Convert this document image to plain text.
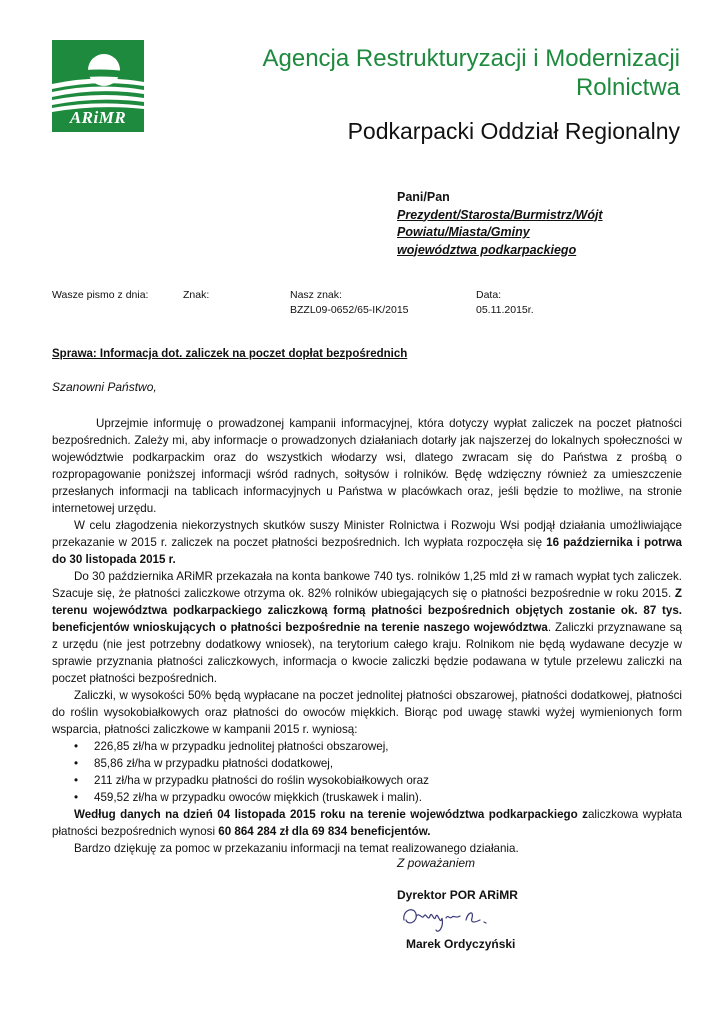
ARiMR
Agencja Restrukturyzacji i Modernizacji
Rolnictwa
Podkarpacki Oddział Regionalny
Pani/Pan
Prezydent/Starosta/Burmistrz/Wójt
Powiatu/Miasta/Gminy
województwa podkarpackiego
Wasze pismo z dnia:	Znak:	Nasz znak:
BZZL09-0652/65-IK/2015
Data:
05.11.2015r.
Sprawa: Informacja dot. zaliczek na poczet dopłat bezpośrednich
Szanowni Państwo,

Uprzejmie informuję o prowadzonej kampanii informacyjnej, która dotyczy wypłat zaliczek na poczet płatności bezpośrednich. Zależy mi, aby informacje o prowadzonych działaniach dotarły jak najszerzej do lokalnych społeczności w województwie podkarpackim oraz do wszystkich włodarzy wsi, dlatego zwracam się do Państwa z prośbą o rozpropagowanie poniższej informacji wśród radnych, sołtysów i rolników. Będę wdzięczny również za umieszczenie przesłanych informacji na tablicach informacyjnych u Państwa w placówkach oraz, jeśli będzie to możliwe, na stronie internetowej urzędu.

W celu złagodzenia niekorzystnych skutków suszy Minister Rolnictwa i Rozwoju Wsi podjął działania umożliwiające przekazanie w 2015 r. zaliczek na poczet płatności bezpośrednich. Ich wypłata rozpoczęła się 16 października i potrwa do 30 listopada 2015 r.

Do 30 października ARiMR przekazała na konta bankowe 740 tys. rolników 1,25 mld zł w ramach wypłat tych zaliczek. Szacuje się, że płatności zaliczkowe otrzyma ok. 82% rolników ubiegających się o płatności bezpośrednie w roku 2015. Z terenu województwa podkarpackiego zaliczkową formą płatności bezpośrednich objętych zostanie ok. 87 tys. beneficjentów wnioskujących o płatności bezpośrednie na terenie naszego województwa. Zaliczki przyznawane są z urzędu (nie jest potrzebny dodatkowy wniosek), na terytorium całego kraju. Rolnikom nie będą wydawane decyzje w sprawie przyznania płatności zaliczkowych, informacja o kwocie zaliczki będzie podawana w tytule przelewu zaliczki na poczet płatności bezpośrednich.

Zaliczki, w wysokości 50% będą wypłacane na poczet jednolitej płatności obszarowej, płatności dodatkowej, płatności do roślin wysokobiałkowych oraz płatności do owoców miękkich. Biorąc pod uwagę stawki wyżej wymienionych form wsparcia, płatności zaliczkowe w kampanii 2015 r. wyniosą:

• 226,85 zł/ha w przypadku jednolitej płatności obszarowej,
• 85,86 zł/ha w przypadku płatności dodatkowej,
• 211 zł/ha w przypadku płatności do roślin wysokobiałkowych oraz
• 459,52 zł/ha w przypadku owoców miękkich (truskawek i malin).

Według danych na dzień 04 listopada 2015 roku na terenie województwa podkarpackiego zaliczkowa wypłata płatności bezpośrednich wynosi 60 864 284 zł dla 69 834 beneficjentów.

Bardzo dziękuję za pomoc w przekazaniu informacji na temat realizowanego działania.

Z poważaniem
Dyrektor POR ARiMR
Marek Ordyczyński
